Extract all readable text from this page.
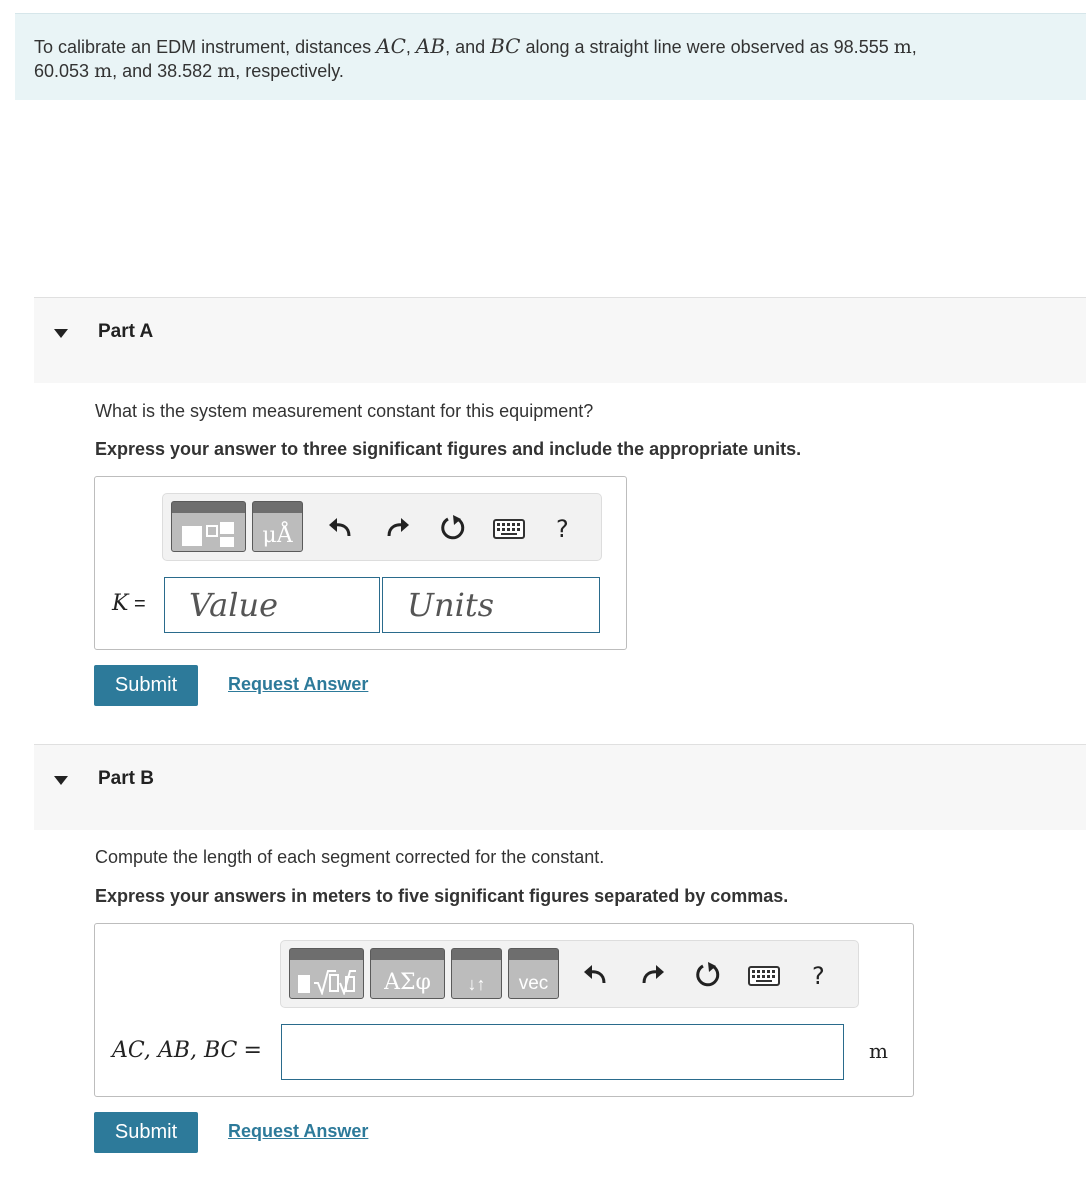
To calibrate an EDM instrument, distances AC, AB, and BC along a straight line were observed as 98.555 m,
60.053 m, and 38.582 m, respectively.
Part A
What is the system measurement constant for this equipment?
Express your answer to three significant figures and include the appropriate units.
μÅ	?
K =	Value	Units
Submit	Request Answer
Part B
Compute the length of each segment corrected for the constant.
Express your answers in meters to five significant figures separated by commas.
ΑΣφ ↓↑ vec	?
AC, AB, BC =	m
Submit	Request Answer
